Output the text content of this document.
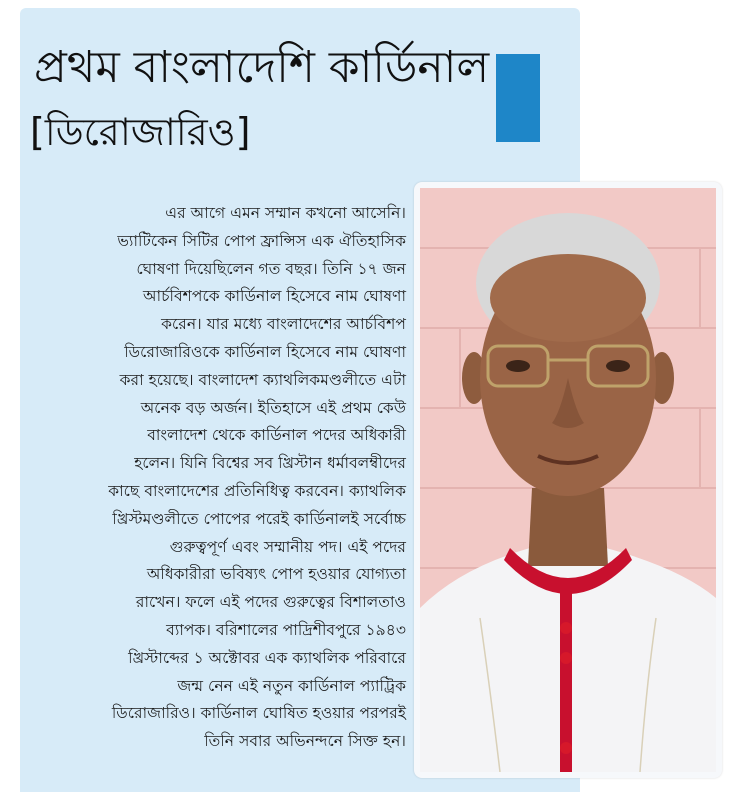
প্রথম বাংলাদেশি কার্ডিনাল
[ডিরোজারিও]
এর আগে এমন সম্মান কখনো আসেনি।
ভ্যাটিকেন সিটির পোপ ফ্রান্সিস এক ঐতিহাসিক
ঘোষণা দিয়েছিলেন গত বছর। তিনি ১৭ জন
আর্চবিশপকে কার্ডিনাল হিসেবে নাম ঘোষণা
করেন। যার মধ্যে বাংলাদেশের আর্চবিশপ
ডিরোজারিওকে কার্ডিনাল হিসেবে নাম ঘোষণা
করা হয়েছে। বাংলাদেশ ক্যাথলিকমণ্ডলীতে এটা
অনেক বড় অর্জন। ইতিহাসে এই প্রথম কেউ
বাংলাদেশ থেকে কার্ডিনাল পদের অধিকারী
হলেন। যিনি বিশ্বের সব খ্রিস্টান ধর্মাবলম্বীদের
কাছে বাংলাদেশের প্রতিনিধিত্ব করবেন। ক্যাথলিক
খ্রিস্টমণ্ডলীতে পোপের পরেই কার্ডিনালই সর্বোচ্চ
গুরুত্বপূর্ণ এবং সম্মানীয় পদ। এই পদের
অধিকারীরা ভবিষ্যৎ পোপ হওয়ার যোগ্যতা
রাখেন। ফলে এই পদের গুরুত্বের বিশালতাও
ব্যাপক। বরিশালের পাদ্রিশীবপুরে ১৯৪৩
খ্রিস্টাব্দের ১ অক্টোবর এক ক্যাথলিক পরিবারে
জন্ম নেন এই নতুন কার্ডিনাল প্যাট্রিক
ডিরোজারিও। কার্ডিনাল ঘোষিত হওয়ার পরপরই
তিনি সবার অভিনন্দনে সিক্ত হন।
